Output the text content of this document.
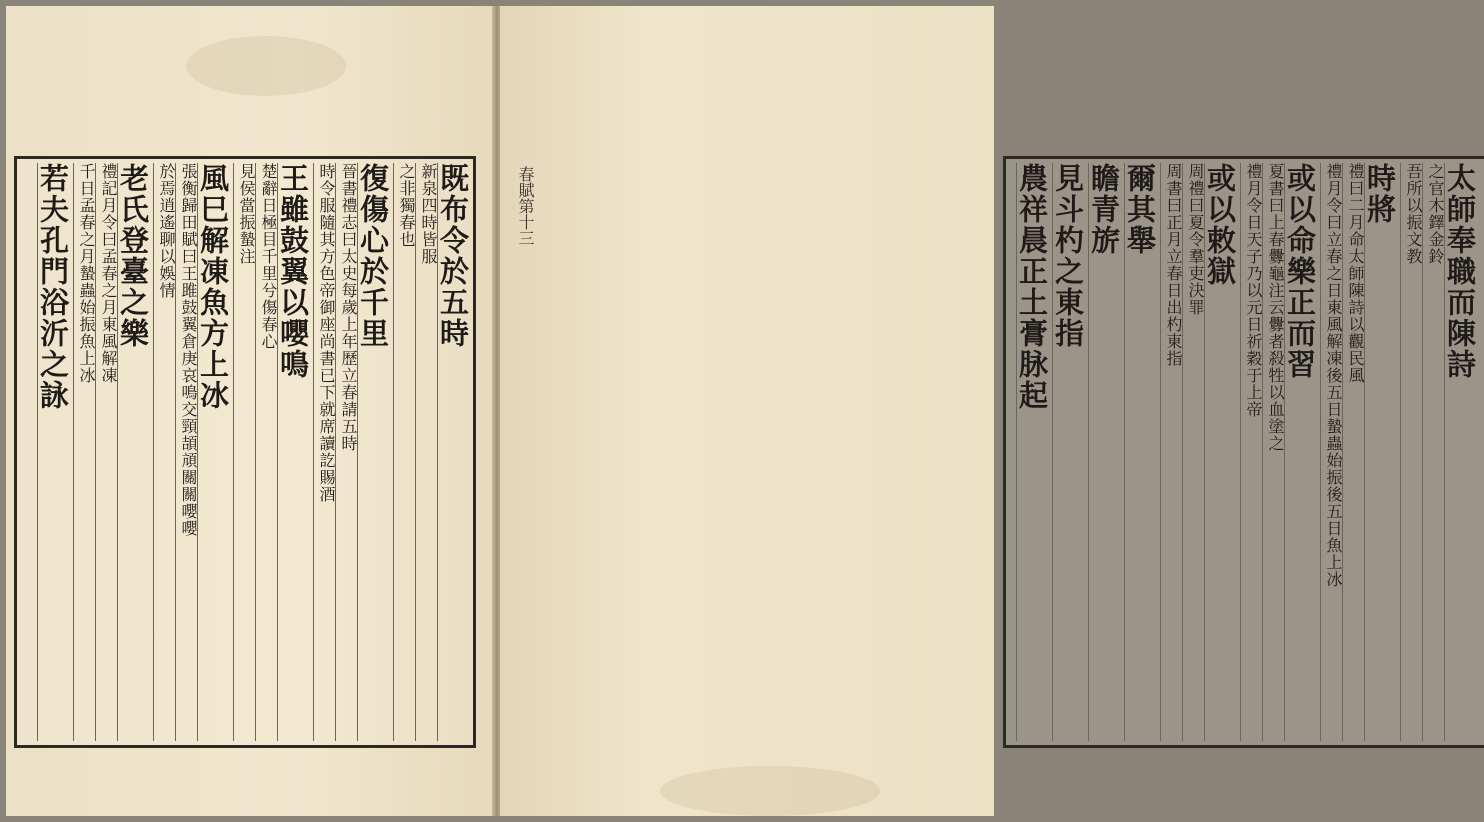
既布令於五時
新泉四時皆服
之非獨春也
復傷心於千里
晉書禮志曰太史每歲上年歷立春請五時
時令服隨其方色帝御座尚書已下就席讀訖賜酒
王雖鼓翼以嚶鳴
楚辭日極目千里兮傷春心
見侯當振蟄注
風巳解凍魚方上冰
張衡歸田賦曰王雎鼓翼倉庚哀鳴交頸頡頏關關嚶嚶
於焉逍遙聊以娛情
老氏登臺之樂
禮記月令曰孟春之月東風解凍
千日孟春之月蟄蟲始振魚上冰
若夫孔門浴沂之詠	太師奉職而陳詩
之官木鐸金鈴
吾所以振文教
時將
禮曰二月命太師陳詩以觀民風
禮月令曰立春之日東風解凍後五日蟄蟲始振後五日魚上冰
或以命樂正而習
夏書曰上春釁龜注云釁者殺牲以血塗之
禮月令日天子乃以元日祈穀于上帝
或以敕獄
周禮曰夏令羣吏決罪
周書曰正月立春日出杓東指
爾其舉
瞻青旂
見斗杓之東指
農祥晨正土膏脉起
春賦第十三
